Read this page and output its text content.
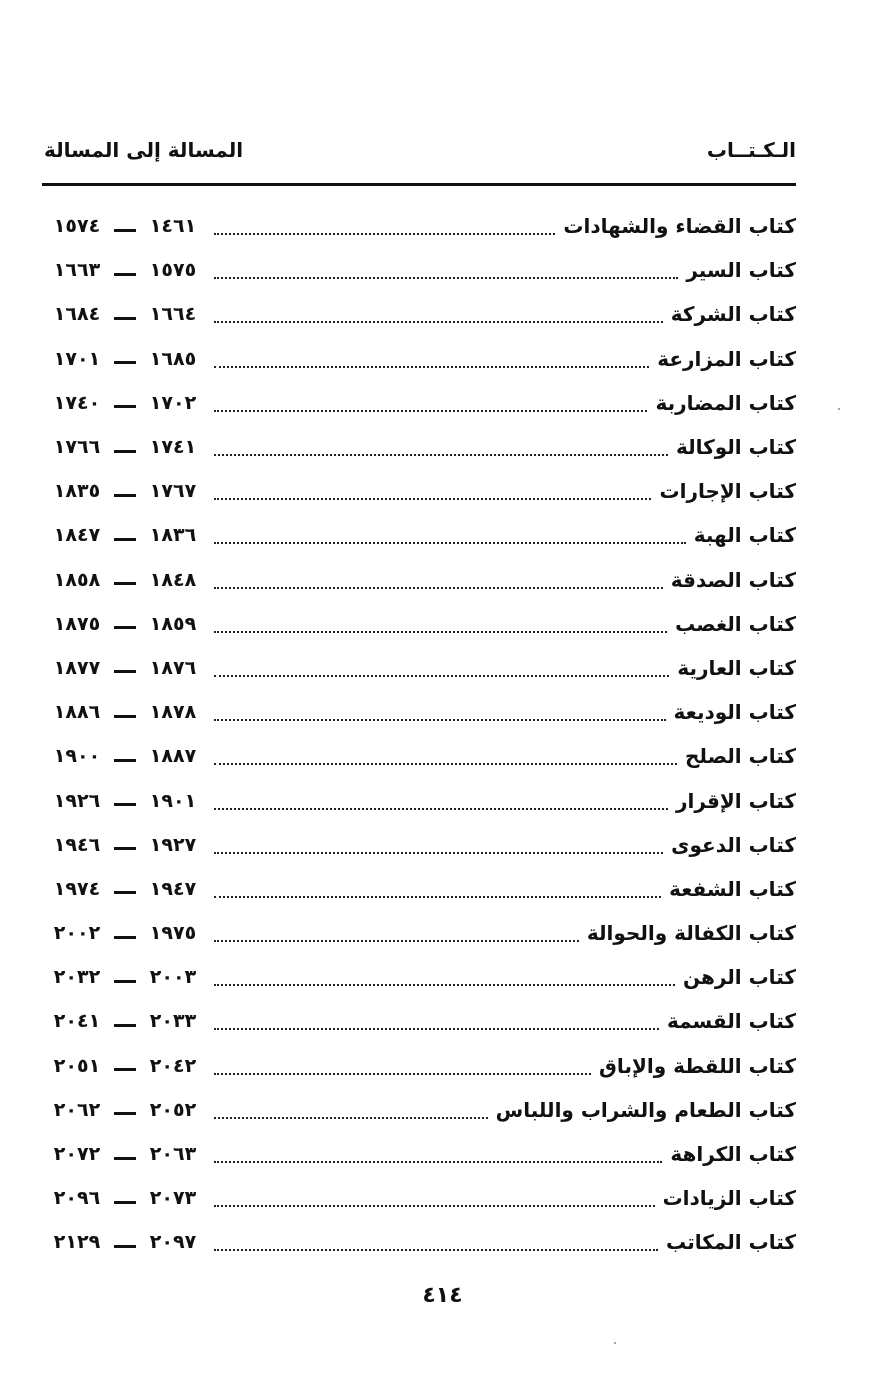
الـكـتــاب
المسالة إلى المسالة
كتاب القضاء والشهادات
١٤٦١
١٥٧٤
كتاب السير
١٥٧٥
١٦٦٣
كتاب الشركة
١٦٦٤
١٦٨٤
كتاب المزارعة
١٦٨٥
١٧٠١
كتاب المضاربة
١٧٠٢
١٧٤٠
كتاب الوكالة
١٧٤١
١٧٦٦
كتاب الإجارات
١٧٦٧
١٨٣٥
كتاب الهبة
١٨٣٦
١٨٤٧
كتاب الصدقة
١٨٤٨
١٨٥٨
كتاب الغصب
١٨٥٩
١٨٧٥
كتاب العارية
١٨٧٦
١٨٧٧
كتاب الوديعة
١٨٧٨
١٨٨٦
كتاب الصلح
١٨٨٧
١٩٠٠
كتاب الإقرار
١٩٠١
١٩٢٦
كتاب الدعوى
١٩٢٧
١٩٤٦
كتاب الشفعة
١٩٤٧
١٩٧٤
كتاب الكفالة والحوالة
١٩٧٥
٢٠٠٢
كتاب الرهن
٢٠٠٣
٢٠٣٢
كتاب القسمة
٢٠٣٣
٢٠٤١
كتاب اللقطة والإباق
٢٠٤٢
٢٠٥١
كتاب الطعام والشراب واللباس
٢٠٥٢
٢٠٦٢
كتاب الكراهة
٢٠٦٣
٢٠٧٢
كتاب الزيادات
٢٠٧٣
٢٠٩٦
كتاب المكاتب
٢٠٩٧
٢١٢٩
٤١٤
